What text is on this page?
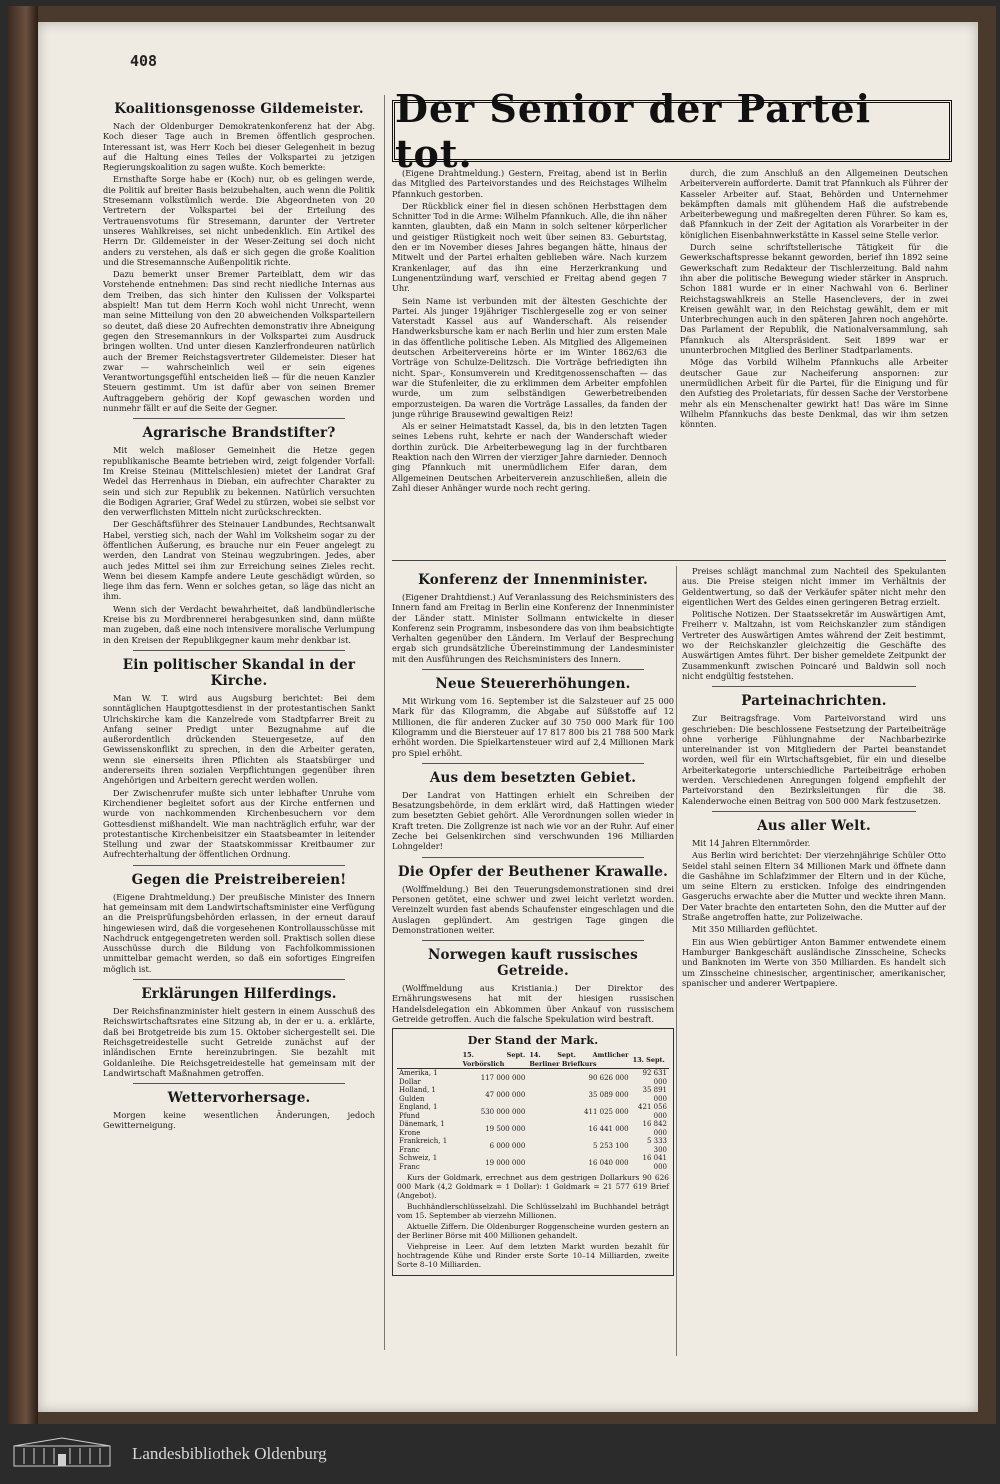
408
Koalitionsgenosse Gildemeister.

Nach der Oldenburger Demokratenkonferenz hat der Abg. Koch dieser Tage auch in Bremen öffentlich gesprochen. Interessant ist, was Herr Koch bei dieser Gelegenheit in bezug auf die Haltung eines Teiles der Volkspartei zu jetzigen Regierungskoalition zu sagen wußte. Koch bemerkte:

Ernsthafte Sorge habe er (Koch) nur, ob es gelingen werde, die Politik auf breiter Basis beizubehalten, auch wenn die Politik Stresemann volkstümlich werde. Die Abgeordneten von 20 Vertretern der Volkspartei bei der Erteilung des Vertrauensvotums für Stresemann, darunter der Vertreter unseres Wahlkreises, sei nicht unbedenklich. Ein Artikel des Herrn Dr. Gildemeister in der Weser-Zeitung sei doch nicht anders zu verstehen, als daß er sich gegen die große Koalition und die Stresemannsche Außenpolitik richte.

Dazu bemerkt unser Bremer Parteiblatt, dem wir das Vorstehende entnehmen: Das sind recht niedliche Internas aus dem Treiben, das sich hinter den Kulissen der Volkspartei abspielt! Man tut dem Herrn Koch wohl nicht Unrecht, wenn man seine Mitteilung von den 20 abweichenden Volksparteilern so deutet, daß diese 20 Aufrechten demonstrativ ihre Abneigung gegen den Stresemannkurs in der Volkspartei zum Ausdruck bringen wollten. Und unter diesen Kanzlerfrondeuren natürlich auch der Bremer Reichstagsvertreter Gildemeister. Dieser hat zwar — wahrscheinlich weil er sein eigenes Verantwortungsgefühl entscheiden ließ — für die neuen Kanzler Steuern gestimmt. Um ist dafür aber von seinen Bremer Auftraggebern gehörig der Kopf gewaschen worden und nunmehr fällt er auf die Seite der Gegner.

Agrarische Brandstifter?

Mit welch maßloser Gemeinheit die Hetze gegen republikanische Beamte betrieben wird, zeigt folgender Vorfall: Im Kreise Steinau (Mittelschlesien) mietet der Landrat Graf Wedel das Herrenhaus in Dieban, ein aufrechter Charakter zu sein und sich zur Republik zu bekennen. Natürlich versuchten die Bodigen Agrarier, Graf Wedel zu stürzen, wobei sie selbst vor den verwerflichsten Mitteln nicht zurückschreckten.

Der Geschäftsführer des Steinauer Landbundes, Rechtsanwalt Habel, verstieg sich, nach der Wahl im Volksheim sogar zu der öffentlichen Äußerung, es brauche nur ein Feuer angelegt zu werden, den Landrat von Steinau wegzubringen. Jedes, aber auch jedes Mittel sei ihm zur Erreichung seines Zieles recht. Wenn bei diesem Kampfe andere Leute geschädigt würden, so liege ihm das fern. Wenn er solches getan, so läge das nicht an ihm.

Wenn sich der Verdacht bewahrheitet, daß landbündlerische Kreise bis zu Mordbrennerei herabgesunken sind, dann müßte man zugeben, daß eine noch intensivere moralische Verlumpung in den Kreisen der Republikgegner kaum mehr denkbar ist.

Ein politischer Skandal in der Kirche.

Man W. T. wird aus Augsburg berichtet: Bei dem sonntäglichen Hauptgottesdienst in der protestantischen Sankt Ulrichskirche kam die Kanzelrede vom Stadtpfarrer Breit zu Anfang seiner Predigt unter Bezugnahme auf die außerordentlich drückenden Steuergesetze, auf den Gewissenskonflikt zu sprechen, in den die Arbeiter geraten, wenn sie einerseits ihren Pflichten als Staatsbürger und andererseits ihren sozialen Verpflichtungen gegenüber ihren Angehörigen und Arbeitern gerecht werden wollen.

Der Zwischenrufer mußte sich unter lebhafter Unruhe vom Kirchendiener begleitet sofort aus der Kirche entfernen und wurde von nachkommenden Kirchenbesuchern vor dem Gottesdienst mißhandelt. Wie man nachträglich erfuhr, war der protestantische Kirchenbeisitzer ein Staatsbeamter in leitender Stellung und zwar der Staatskommissar Kreitbaumer zur Aufrechterhaltung der öffentlichen Ordnung.

Gegen die Preistreibereien!

(Eigene Drahtmeldung.) Der preußische Minister des Innern hat gemeinsam mit dem Landwirtschaftsminister eine Verfügung an die Preisprüfungsbehörden erlassen, in der erneut darauf hingewiesen wird, daß die vorgesehenen Kontrollausschüsse mit Nachdruck entgegengetreten werden soll. Praktisch sollen diese Ausschüsse durch die Bildung von Fachfolkommissionen unmittelbar gemacht werden, so daß ein sofortiges Eingreifen möglich ist.

Erklärungen Hilferdings.

Der Reichsfinanzminister hielt gestern in einem Ausschuß des Reichswirtschaftsrates eine Sitzung ab, in der er u. a. erklärte, daß bei Brotgetreide bis zum 15. Oktober sichergestellt sei. Die Reichsgetreidestelle sucht Getreide zunächst auf der inländischen Ernte hereinzubringen. Sie bezahlt mit Goldanleihe. Die Reichsgetreidestelle hat gemeinsam mit der Landwirtschaft Maßnahmen getroffen.

Wettervorhersage.

Morgen keine wesentlichen Änderungen, jedoch Gewitterneigung.

Der Senior der Partei tot.

(Eigene Drahtmeldung.) Gestern, Freitag, abend ist in Berlin das Mitglied des Parteivorstandes und des Reichstages Wilhelm Pfannkuch gestorben.

Der Rückblick einer fiel in diesen schönen Herbsttagen dem Schnitter Tod in die Arme: Wilhelm Pfannkuch. Alle, die ihn näher kannten, glaubten, daß ein Mann in solch seltener körperlicher und geistiger Rüstigkeit noch weit über seinen 83. Geburtstag, den er im November dieses Jahres begangen hätte, hinaus der Mitwelt und der Partei erhalten geblieben wäre. Nach kurzem Krankenlager, auf das ihn eine Herzerkrankung und Lungenentzündung warf, verschied er Freitag abend gegen 7 Uhr.

Sein Name ist verbunden mit der ältesten Geschichte der Partei. Als junger 19jähriger Tischlergeselle zog er von seiner Vaterstadt Kassel aus auf Wanderschaft. Als reisender Handwerksbursche kam er nach Berlin und hier zum ersten Male in das öffentliche politische Leben. Als Mitglied des Allgemeinen deutschen Arbeitervereins hörte er im Winter 1862/63 die Vorträge von Schulze-Delitzsch. Die Vorträge befriedigten ihn nicht. Spar-, Konsumverein und Kreditgenossenschaften — das war die Stufenleiter, die zu erklimmen dem Arbeiter empfohlen wurde, um zum selbständigen Gewerbetreibenden emporzusteigen. Da waren die Vorträge Lassalles, da fanden der junge rührige Brausewind gewaltigen Reiz!

Als er seiner Heimatstadt Kassel, da, bis in den letzten Tagen seines Lebens ruht, kehrte er nach der Wanderschaft wieder dorthin zurück. Die Arbeiterbewegung lag in der furchtbaren Reaktion nach den Wirren der vierziger Jahre darnieder. Dennoch ging Pfannkuch mit unermüdlichem Eifer daran, dem Allgemeinen Deutschen Arbeiterverein anzuschließen, allein die Zahl dieser Anhänger wurde noch recht gering.

durch, die zum Anschluß an den Allgemeinen Deutschen Arbeiterverein aufforderte. Damit trat Pfannkuch als Führer der Kasseler Arbeiter auf. Staat, Behörden und Unternehmer bekämpften damals mit glühendem Haß die aufstrebende Arbeiterbewegung und maßregelten deren Führer. So kam es, daß Pfannkuch in der Zeit der Agitation als Vorarbeiter in der königlichen Eisenbahnwerkstätte in Kassel seine Stelle verlor.

Durch seine schriftstellerische Tätigkeit für die Gewerkschaftspresse bekannt geworden, berief ihn 1892 seine Gewerkschaft zum Redakteur der Tischlerzeitung. Bald nahm ihn aber die politische Bewegung wieder stärker in Anspruch. Schon 1881 wurde er in einer Nachwahl von 6. Berliner Reichstagswahlkreis an Stelle Hasenclevers, der in zwei Kreisen gewählt war, in den Reichstag gewählt, dem er mit Unterbrechungen auch in den späteren Jahren noch angehörte. Das Parlament der Republik, die Nationalversammlung, sah Pfannkuch als Alterspräsident. Seit 1899 war er ununterbrochen Mitglied des Berliner Stadtparlaments.

Möge das Vorbild Wilhelm Pfannkuchs alle Arbeiter deutscher Gaue zur Nacheiferung anspornen: zur unermüdlichen Arbeit für die Partei, für die Einigung und für den Aufstieg des Proletariats, für dessen Sache der Verstorbene mehr als ein Menschenalter gewirkt hat! Das wäre im Sinne Wilhelm Pfannkuchs das beste Denkmal, das wir ihm setzen könnten.

Konferenz der Innenminister.

(Eigener Drahtdienst.) Auf Veranlassung des Reichsministers des Innern fand am Freitag in Berlin eine Konferenz der Innenminister der Länder statt. Minister Sollmann entwickelte in dieser Konferenz sein Programm, insbesondere das von ihm beabsichtigte Verhalten gegenüber den Ländern. Im Verlauf der Besprechung ergab sich grundsätzliche Übereinstimmung der Landesminister mit den Ausführungen des Reichsministers des Innern.

Neue Steuererhöhungen.

Mit Wirkung vom 16. September ist die Salzsteuer auf 25 000 Mark für das Kilogramm, die Abgabe auf Süßstoffe auf 12 Millionen, die für anderen Zucker auf 30 750 000 Mark für 100 Kilogramm und die Biersteuer auf 17 817 800 bis 21 788 500 Mark erhöht worden. Die Spielkartensteuer wird auf 2,4 Millionen Mark pro Spiel erhöht.

Aus dem besetzten Gebiet.

Der Landrat von Hattingen erhielt ein Schreiben der Besatzungsbehörde, in dem erklärt wird, daß Hattingen wieder zum besetzten Gebiet gehört. Alle Verordnungen sollen wieder in Kraft treten. Die Zollgrenze ist nach wie vor an der Ruhr. Auf einer Zeche bei Gelsenkirchen sind verschwunden 196 Milliarden Lohngelder!

Die Opfer der Beuthener Krawalle.

(Wolffmeldung.) Bei den Teuerungsdemonstrationen sind drei Personen getötet, eine schwer und zwei leicht verletzt worden. Vereinzelt wurden fast abends Schaufenster eingeschlagen und die Auslagen geplündert. Am gestrigen Tage gingen die Demonstrationen weiter.

Norwegen kauft russisches Getreide.

(Wolffmeldung aus Kristiania.) Der Direktor des Ernährungswesens hat mit der hiesigen russischen Handelsdelegation ein Abkommen über Ankauf von russischem Getreide getroffen. Auch die falsche Spekulation wird bestraft.

Der Stand der Mark.
	15. Sept. Vorbörslich	14. Sept. Amtlicher Berliner Briefkurs	13. Sept.
Amerika, 1 Dollar	117 000 000	90 626 000	92 631 000
Holland, 1 Gulden	47 000 000	35 089 000	35 891 000
England, 1 Pfund	530 000 000	411 025 000	421 056 000
Dänemark, 1 Krone	19 500 000	16 441 000	16 842 000
Frankreich, 1 Franc	6 000 000	5 253 100	5 333 300
Schweiz, 1 Franc	19 000 000	16 040 000	16 041 000

Kurs der Goldmark, errechnet aus dem gestrigen Dollarkurs 90 626 000 Mark (4,2 Goldmark = 1 Dollar): 1 Goldmark = 21 577 619 Brief (Angebot).

Buchhändlerschlüsselzahl. Die Schlüsselzahl im Buchhandel beträgt vom 15. September ab vierzehn Millionen.

Aktuelle Ziffern. Die Oldenburger Roggenscheine wurden gestern an der Berliner Börse mit 400 Millionen gehandelt.

Viehpreise in Leer. Auf dem letzten Markt wurden bezahlt für hochtragende Kühe und Rinder erste Sorte 10–14 Milliarden, zweite Sorte 8–10 Milliarden.

Preises schlägt manchmal zum Nachteil des Spekulanten aus. Die Preise steigen nicht immer im Verhältnis der Geldentwertung, so daß der Verkäufer später nicht mehr den eigentlichen Wert des Geldes einen geringeren Betrag erzielt.

Politische Notizen. Der Staatssekretär im Auswärtigen Amt, Freiherr v. Maltzahn, ist vom Reichskanzler zum ständigen Vertreter des Auswärtigen Amtes während der Zeit bestimmt, wo der Reichskanzler gleichzeitig die Geschäfte des Auswärtigen Amtes führt. Der bisher gemeldete Zeitpunkt der Zusammenkunft zwischen Poincaré und Baldwin soll noch nicht endgültig feststehen.

Parteinachrichten.

Zur Beitragsfrage. Vom Parteivorstand wird uns geschrieben: Die beschlossene Festsetzung der Parteibeiträge ohne vorherige Fühlungnahme der Nachbarbezirke untereinander ist von Mitgliedern der Partei beanstandet worden, weil für ein Wirtschaftsgebiet, für ein und dieselbe Arbeiterkategorie unterschiedliche Parteibeiträge erhoben werden. Verschiedenen Anregungen folgend empfiehlt der Parteivorstand den Bezirksleitungen für die 38. Kalenderwoche einen Beitrag von 500 000 Mark festzusetzen.

Aus aller Welt.

Mit 14 Jahren Elternmörder.

Aus Berlin wird berichtet: Der vierzehnjährige Schüler Otto Seidel stahl seinen Eltern 34 Millionen Mark und öffnete dann die Gashähne im Schlafzimmer der Eltern und in der Küche, um seine Eltern zu ersticken. Infolge des eindringenden Gasgeruchs erwachte aber die Mutter und weckte ihren Mann. Der Vater brachte den entarteten Sohn, den die Mutter auf der Straße angetroffen hatte, zur Polizeiwache.

Mit 350 Milliarden geflüchtet.

Ein aus Wien gebürtiger Anton Bammer entwendete einem Hamburger Bankgeschäft ausländische Zinsscheine, Schecks und Banknoten im Werte von 350 Milliarden. Es handelt sich um Zinsscheine chinesischer, argentinischer, amerikanischer, spanischer und anderer Wertpapiere.

Landesbibliothek Oldenburg
